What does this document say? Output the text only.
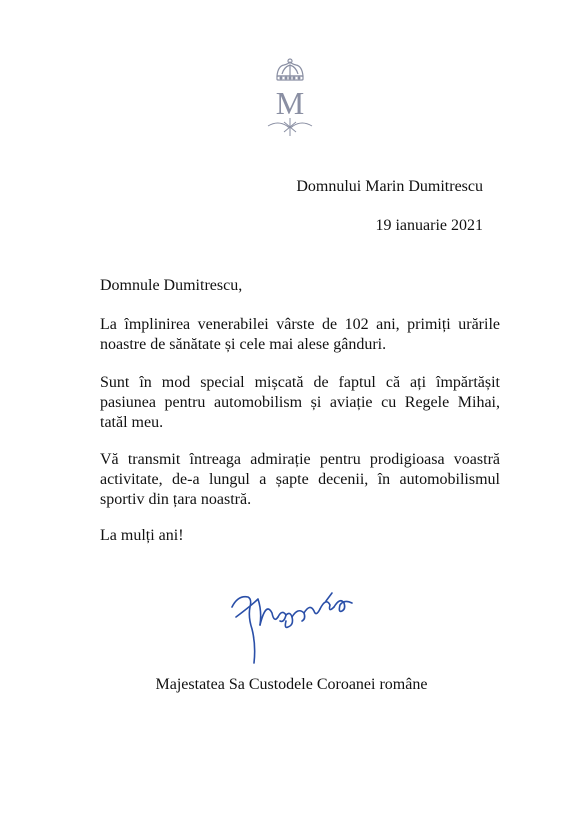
M
Domnului Marin Dumitrescu
19 ianuarie 2021
Domnule Dumitrescu,
La împlinirea venerabilei vârste de 102 ani, primiți urările
noastre de sănătate și cele mai alese gânduri.
Sunt în mod special mișcată de faptul că ați împărtășit
pasiunea pentru automobilism și aviație cu Regele Mihai,
tatăl meu.
Vă transmit întreaga admirație pentru prodigioasa voastră
activitate, de-a lungul a șapte decenii, în automobilismul
sportiv din țara noastră.
La mulți ani!
Majestatea Sa Custodele Coroanei române
